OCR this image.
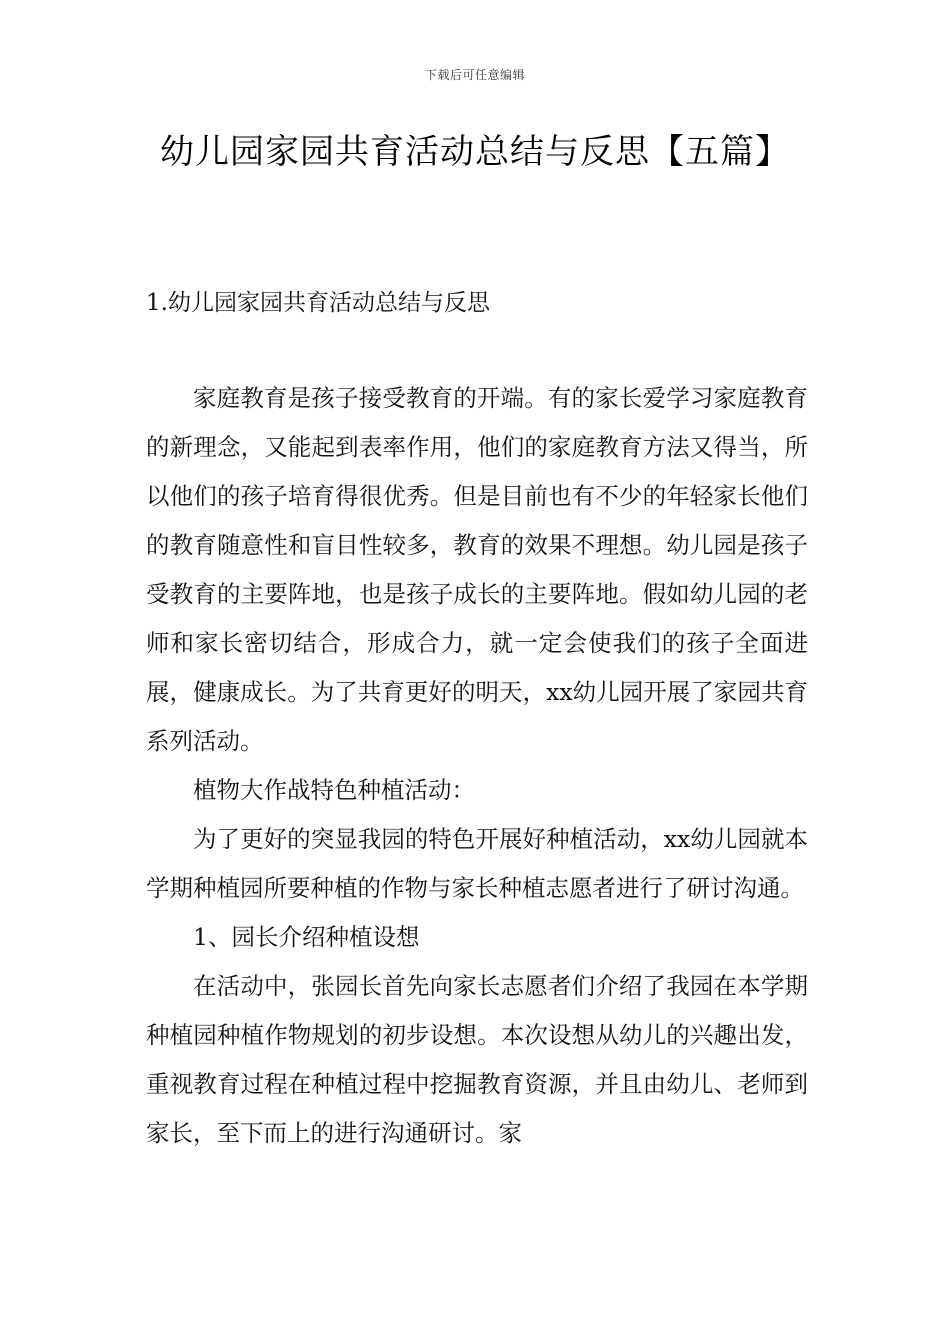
下载后可任意编辑
幼儿园家园共育活动总结与反思【五篇】
1.幼儿园家园共育活动总结与反思

家庭教育是孩子接受教育的开端。有的家长爱学习家庭教育的新理念，又能起到表率作用，他们的家庭教育方法又得当，所以他们的孩子培育得很优秀。但是目前也有不少的年轻家长他们的教育随意性和盲目性较多，教育的效果不理想。幼儿园是孩子受教育的主要阵地，也是孩子成长的主要阵地。假如幼儿园的老师和家长密切结合，形成合力，就一定会使我们的孩子全面进展，健康成长。为了共育更好的明天，xx幼儿园开展了家园共育系列活动。

植物大作战特色种植活动：

为了更好的突显我园的特色开展好种植活动，xx幼儿园就本学期种植园所要种植的作物与家长种植志愿者进行了研讨沟通。

1、园长介绍种植设想

在活动中，张园长首先向家长志愿者们介绍了我园在本学期种植园种植作物规划的初步设想。本次设想从幼儿的兴趣出发，重视教育过程在种植过程中挖掘教育资源，并且由幼儿、老师到家长，至下而上的进行沟通研讨。家
